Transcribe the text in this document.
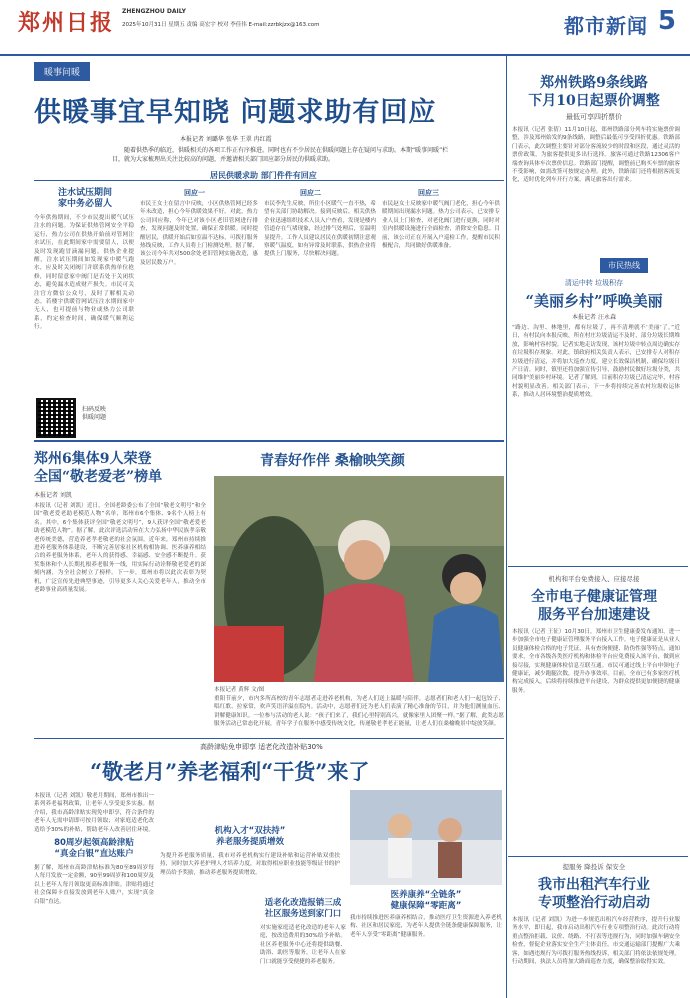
郑州日报 ZHENGZHOU DAILY
2025年10月31日 星期五 责编 高宏宇 校对 李佳伟 E-mail:zzrbkjzx@163.com	都市新闻 5
暖事问暖
供暖事宜早知晓 问题求助有回应
本报记者 刘璐华 张华 王翠 冉红霞
随着供热季的临近，供暖相关的各项工作正有序推进。同时也有不少居民在供暖问题上存在疑问与求助。本期“暖事问暖”栏目，就为大家梳理出关注比较高的问题，并邀请相关部门回应部分居民的供暖求助。
居民供暖求助 部门件件有回应
注水试压期间
家中务必留人
今年供热期间，不少市民提出暖气试压注水的问题。为保证供热管网安全平稳运行，热力公司在供热开始前对管网注水试压，在此期间家中需要留人，以便及时发现跑冒滴漏问题。供热企业提醒，注水试压期间如发现家中暖气跑水，应及时关闭阀门并联系供热单位抢修，同时留意家中阀门是否处于关闭状态，避免漏水造成财产损失。市民可关注官方微信公众号，及时了解相关动态。若楼宇供暖管网试压注水期间家中无人，也可提前与物业或热力公司联系，约定检查时间，确保暖气顺利运行。
扫码反映
供暖问题
回应一
市民王女士在留言中反映，小区供热管网已经多年未改造，担心今年供暖效果不好。对此，热力公司回应称，今年已对该小区老旧管网进行排查，发现问题及时处置，确保正常供暖。同时提醒居民，供暖开始后如室温不达标，可拨打服务热线反映，工作人员将上门检测处理。据了解，该公司今年共对500余处老旧管网实施改造，惠及居民数万户。
回应二
市民李先生反映，所住小区暖气一直不热，希望有关部门协助解决。接到反映后，相关供热企业迅速组织技术人员入户查看，发现是楼内管道存在气堵现象，经过排气处理后，室温明显提升。工作人员建议居民在供暖初期注意观察暖气温度，如有异常及时联系，供热企业将提供上门服务，尽快解决问题。
回应三
市民赵女士反映家中暖气阀门老化，担心今年供暖期间出现漏水问题。热力公司表示，已安排专业人员上门检查，对老化阀门进行更换，同时对室内供暖设施进行全面检查，消除安全隐患。目前，该公司正在开展入户巡检工作，提醒市民积极配合，共同做好供暖准备。
郑州铁路9条线路
下月10日起票价调整
最低可享四折票价
本报讯（记者 张倩）11月10日起，郑州铁路部分列车将实施票价调整，涉及郑州始发的9条线路，调整后最低可享受四折优惠。铁路部门表示，此次调整主要针对部分客流较少的时段和区段，通过灵活的票价政策，为旅客提供更多出行选择。旅客可通过铁路12306客户端查询具体车次票价信息。铁路部门提醒，调整前已购买车票的旅客不受影响，如需改签可按规定办理。此外，铁路部门还将根据客流变化，适时优化列车开行方案，满足旅客出行需求。
市民热线
清运中转 垃圾积存
“美丽乡村”呼唤美丽
本报记者 汪永森
“路边、沟里、林地里，都有垃圾了，再不清理就不‘美丽’了。”近日，有村民向本报反映，所在村庄垃圾清运不及时，部分垃圾长期堆放，影响村容村貌。记者实地走访发现，该村垃圾中转点周边确实存在垃圾积存现象。对此，镇政府相关负责人表示，已安排专人对积存垃圾进行清运，并将加大巡查力度，建立长效保洁机制，确保垃圾日产日清。同时，镇里还将加强宣传引导，鼓励村民做好垃圾分类，共同维护美丽乡村环境。记者了解到，目前积存垃圾已清运完毕，村容村貌明显改善。相关部门表示，下一步将持续完善农村垃圾收运体系，推动人居环境整治提质增效。
机构和平台免费接入、应接尽接
全市电子健康证管理
服务平台加速建设
本报讯（记者 王征）10月30日，郑州市卫生健康委发布通知，进一步加强全市电子健康证管理服务平台接入工作。电子健康证是从业人员健康体检合格的电子凭证，具有查询便捷、防伪性强等特点。通知要求，全市各级各类医疗机构和体检平台应免费接入该平台，做到应接尽接，实现健康体检信息互联互通。市民可通过线上平台申领电子健康证，减少跑腿次数，提升办事效率。目前，全市已有多家医疗机构完成接入，后续将持续推进平台建设，为群众提供更加便捷的健康服务。
提服务 降投诉 保安全
我市出租汽车行业
专项整治行动启动
本报讯（记者 刘凯）为进一步规范出租汽车经营秩序，提升行业服务水平，即日起，我市启动出租汽车行业专项整治行动。此次行动将重点整治拒载、议价、绕路、不打表等违规行为，同时加强车辆安全检查，督促企业落实安全生产主体责任。市交通运输部门提醒广大乘客，如遇违规行为可拨打服务热线投诉，相关部门将依法依规处理。行动期间，执法人员将加大路面巡查力度，确保整治取得实效。
郑州6集体9人荣登
全国“敬老爱老”榜单
本报记者 刘凯
本报讯（记者 刘凯）近日，全国老龄委公布了全国“敬老文明号”和全国“敬老爱老助老模范人物”名单，郑州市6个集体、9名个人榜上有名。其中，6个集体获评全国“敬老文明号”，9人获评全国“敬老爱老助老模范人物”。据了解，此次评选活动旨在大力弘扬中华民族孝亲敬老传统美德，营造养老孝老敬老的社会氛围。近年来，郑州市持续推进养老服务体系建设，不断完善居家社区机构相协调、医养康养相结合的养老服务体系，老年人的获得感、幸福感、安全感不断提升。获奖集体和个人长期扎根养老服务一线，用实际行动诠释敬老爱老的深刻内涵，为全社会树立了榜样。下一步，郑州市将以此次表彰为契机，广泛宣传先进典型事迹，引导更多人关心关爱老年人，推动全市老龄事业高质量发展。
青春好作伴 桑榆映笑颜
本报记者 黄辉 文/图
重阳节前夕，市内多所高校的青年志愿者走进养老机构，为老人们送上温暖与陪伴。志愿者们和老人们一起包饺子、唱红歌、拉家常，欢声笑语洋溢在院内。活动中，志愿者们还为老人们表演了精心准备的节目，并为他们测量血压、讲解健康知识。一位参与活动的老人说：“孩子们来了，我们心里特别高兴，就像家里人团聚一样。”据了解，此类志愿服务活动已常态化开展，青年学子在服务中感受传统文化，传递敬老孝老正能量，让老人们在桑榆晚景中绽放笑颜。
高龄津贴免申即享 适老化改造补贴30%
“敬老月”养老福利“干货”来了
本报讯（记者 刘凯）敬老月期间，郑州市推出一系列养老福利政策，让老年人享受更多实惠。据介绍，我市高龄津贴实现免申即享，符合条件的老年人无需申请即可按月领取；对家庭适老化改造给予30%的补贴，帮助老年人改善居住环境。
80周岁起领高龄津贴
“真金白银”直达账户
据了解，郑州市高龄津贴标准为80至89周岁每人每月发放一定金额，90至99周岁和100周岁及以上老年人每月领取更高标准津贴。津贴将通过社会保障卡直接发放到老年人账户，实现“真金白银”直达。
机构入才“双扶持”
养老服务提质增效
为提升养老服务质量，我市对养老机构实行建设补贴和运营补贴双重扶持，同时加大养老护理人才培养力度，对取得相应职业技能等级证书的护理员给予奖励，推动养老服务提质增效。
适老化改造报销三成
社区服务送到家门口
对实施家庭适老化改造的老年人家庭，按改造费用的30%给予补贴。社区养老服务中心还将提供助餐、助浴、助医等服务，让老年人在家门口就能享受便捷的养老服务。
医养康养“全链条”
健康保障“零距离”
我市持续推进医养康养相结合，推动医疗卫生资源进入养老机构、社区和居民家庭，为老年人提供全链条健康保障服务，让老年人享受“零距离”健康服务。
